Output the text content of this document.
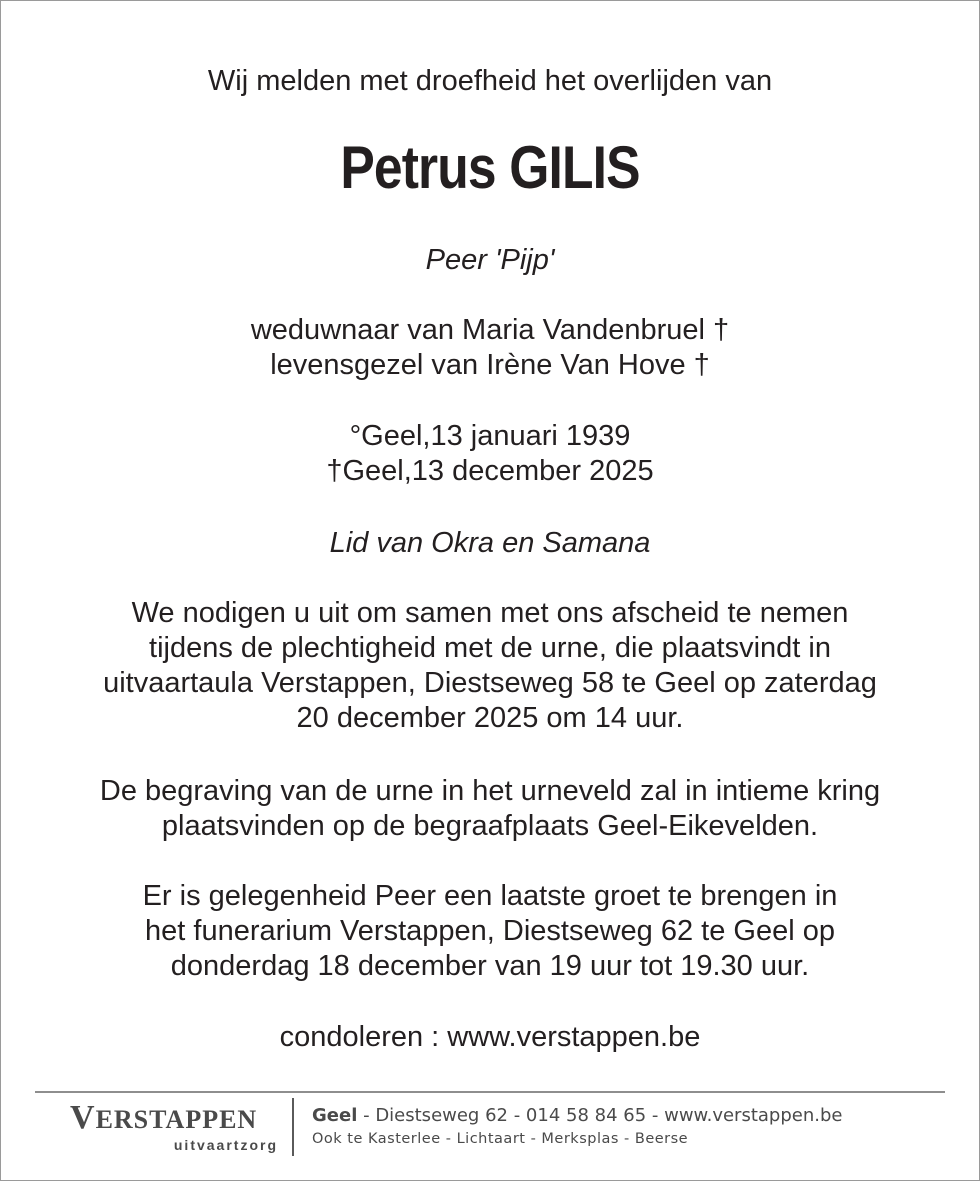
Wij melden met droefheid het overlijden van
Petrus GILIS
Peer 'Pijp'
weduwnaar van Maria Vandenbruel †
levensgezel van Irène Van Hove †
°Geel,13 januari 1939
†Geel,13 december 2025
Lid van Okra en Samana
We nodigen u uit om samen met ons afscheid te nemen
tijdens de plechtigheid met de urne, die plaatsvindt in
uitvaartaula Verstappen, Diestseweg 58 te Geel op zaterdag
20 december 2025 om 14 uur.
De begraving van de urne in het urneveld zal in intieme kring
plaatsvinden op de begraafplaats Geel-Eikevelden.
Er is gelegenheid Peer een laatste groet te brengen in
het funerarium Verstappen, Diestseweg 62 te Geel op
donderdag 18 december van 19 uur tot 19.30 uur.
condoleren : www.verstappen.be
VERSTAPPEN
uitvaartzorg
Geel - Diestseweg 62 - 014 58 84 65 - www.verstappen.be
Ook te Kasterlee - Lichtaart - Merksplas - Beerse
